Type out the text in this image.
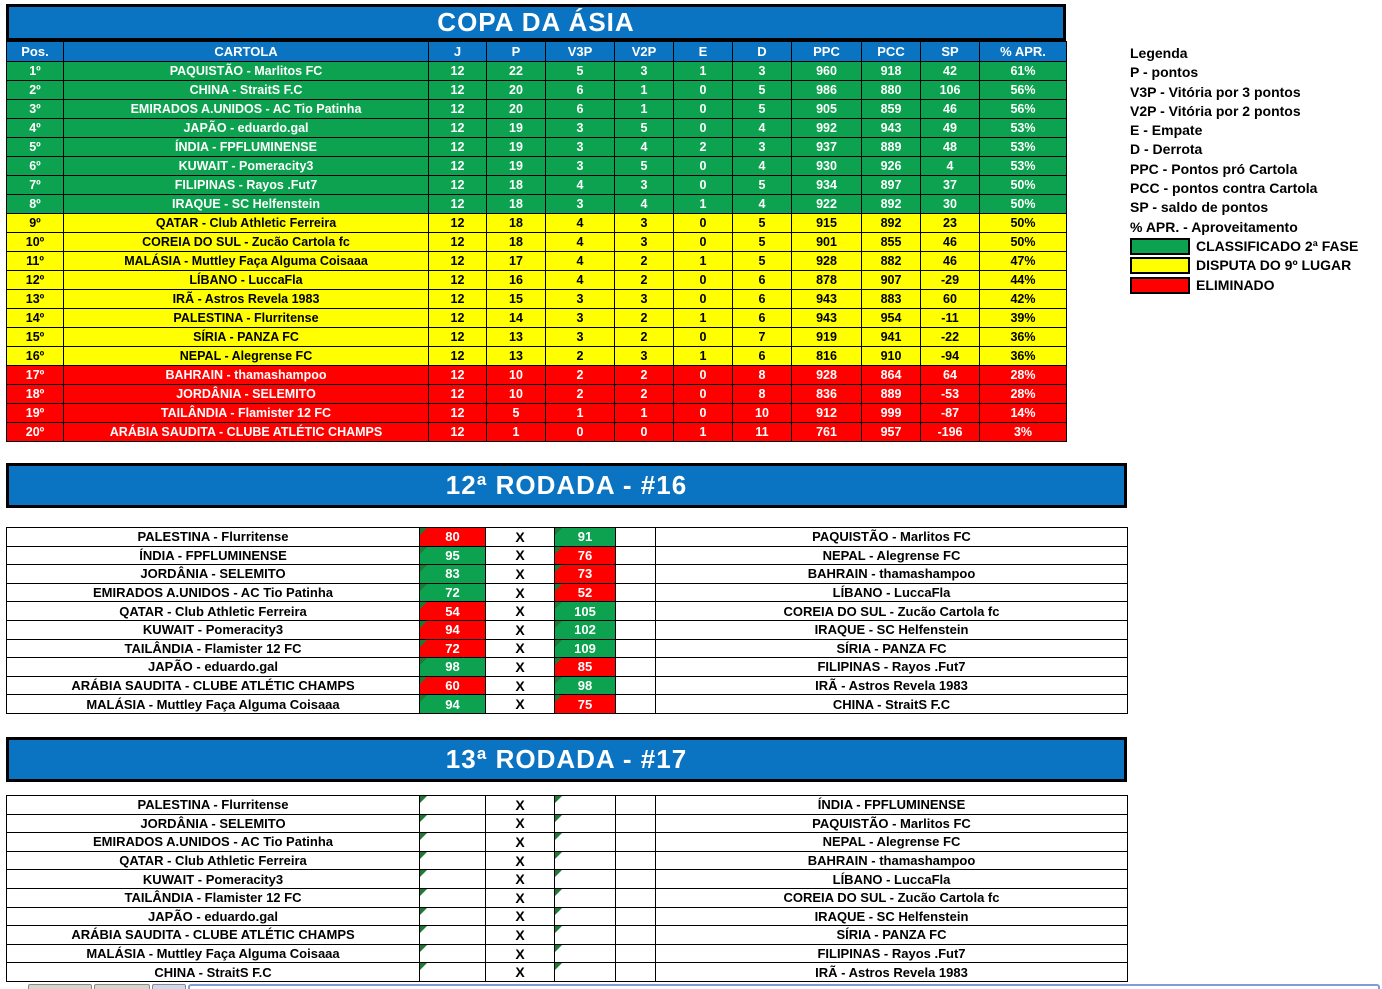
COPA DA ÁSIA
Pos.	CARTOLA	J	P	V3P	V2P	E	D	PPC	PCC	SP	% APR.
1º	PAQUISTÃO - Marlitos FC	12	22	5	3	1	3	960	918	42	61%
2º	CHINA - StraitS F.C	12	20	6	1	0	5	986	880	106	56%
3º	EMIRADOS A.UNIDOS - AC Tio Patinha	12	20	6	1	0	5	905	859	46	56%
4º	JAPÃO - eduardo.gal	12	19	3	5	0	4	992	943	49	53%
5º	ÍNDIA - FPFLUMINENSE	12	19	3	4	2	3	937	889	48	53%
6º	KUWAIT - Pomeracity3	12	19	3	5	0	4	930	926	4	53%
7º	FILIPINAS - Rayos .Fut7	12	18	4	3	0	5	934	897	37	50%
8º	IRAQUE - SC Helfenstein	12	18	3	4	1	4	922	892	30	50%
9º	QATAR - Club Athletic Ferreira	12	18	4	3	0	5	915	892	23	50%
10º	COREIA DO SUL - Zucão Cartola fc	12	18	4	3	0	5	901	855	46	50%
11º	MALÁSIA - Muttley Faça Alguma Coisaaa	12	17	4	2	1	5	928	882	46	47%
12º	LÍBANO - LuccaFla	12	16	4	2	0	6	878	907	-29	44%
13º	IRÃ - Astros Revela 1983	12	15	3	3	0	6	943	883	60	42%
14º	PALESTINA - Flurritense	12	14	3	2	1	6	943	954	-11	39%
15º	SÍRIA - PANZA FC	12	13	3	2	0	7	919	941	-22	36%
16º	NEPAL - Alegrense FC	12	13	2	3	1	6	816	910	-94	36%
17º	BAHRAIN - thamashampoo	12	10	2	2	0	8	928	864	64	28%
18º	JORDÂNIA - SELEMITO	12	10	2	2	0	8	836	889	-53	28%
19º	TAILÂNDIA - Flamister 12 FC	12	5	1	1	0	10	912	999	-87	14%
20º	ARÁBIA SAUDITA - CLUBE ATLÉTIC CHAMPS	12	1	0	0	1	11	761	957	-196	3%
Legenda
P - pontos
V3P - Vitória por 3 pontos
V2P - Vitória por 2 pontos
E - Empate
D - Derrota
PPC - Pontos pró Cartola
PCC - pontos contra Cartola
SP - saldo de pontos
% APR. - Aproveitamento
CLASSIFICADO 2ª FASE
DISPUTA DO 9º LUGAR
ELIMINADO
12ª RODADA - #16
PALESTINA - Flurritense	80	X	91		PAQUISTÃO - Marlitos FC
ÍNDIA - FPFLUMINENSE	95	X	76		NEPAL - Alegrense FC
JORDÂNIA - SELEMITO	83	X	73		BAHRAIN - thamashampoo
EMIRADOS A.UNIDOS - AC Tio Patinha	72	X	52		LÍBANO - LuccaFla
QATAR - Club Athletic Ferreira	54	X	105		COREIA DO SUL - Zucão Cartola fc
KUWAIT - Pomeracity3	94	X	102		IRAQUE - SC Helfenstein
TAILÂNDIA - Flamister 12 FC	72	X	109		SÍRIA - PANZA FC
JAPÃO - eduardo.gal	98	X	85		FILIPINAS - Rayos .Fut7
ARÁBIA SAUDITA - CLUBE ATLÉTIC CHAMPS	60	X	98		IRÃ - Astros Revela 1983
MALÁSIA - Muttley Faça Alguma Coisaaa	94	X	75		CHINA - StraitS F.C
13ª RODADA - #17
PALESTINA - Flurritense		X			ÍNDIA - FPFLUMINENSE
JORDÂNIA - SELEMITO		X			PAQUISTÃO - Marlitos FC
EMIRADOS A.UNIDOS - AC Tio Patinha		X			NEPAL - Alegrense FC
QATAR - Club Athletic Ferreira		X			BAHRAIN - thamashampoo
KUWAIT - Pomeracity3		X			LÍBANO - LuccaFla
TAILÂNDIA - Flamister 12 FC		X			COREIA DO SUL - Zucão Cartola fc
JAPÃO - eduardo.gal		X			IRAQUE - SC Helfenstein
ARÁBIA SAUDITA - CLUBE ATLÉTIC CHAMPS		X			SÍRIA - PANZA FC
MALÁSIA - Muttley Faça Alguma Coisaaa		X			FILIPINAS - Rayos .Fut7
CHINA - StraitS F.C		X			IRÃ - Astros Revela 1983
